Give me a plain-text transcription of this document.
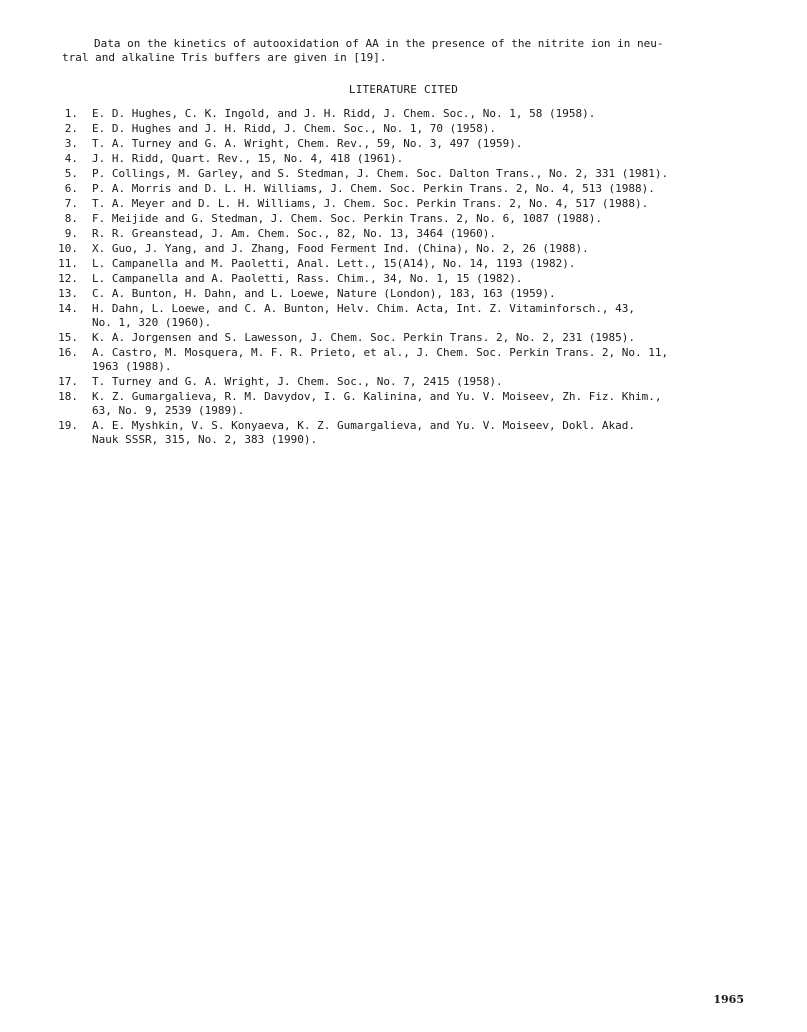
Data on the kinetics of autooxidation of AA in the presence of the nitrite ion in neu-
tral and alkaline Tris buffers are given in [19].

LITERATURE CITED
1. E. D. Hughes, C. K. Ingold, and J. H. Ridd, J. Chem. Soc., No. 1, 58 (1958).
2. E. D. Hughes and J. H. Ridd, J. Chem. Soc., No. 1, 70 (1958).
3. T. A. Turney and G. A. Wright, Chem. Rev., 59, No. 3, 497 (1959).
4. J. H. Ridd, Quart. Rev., 15, No. 4, 418 (1961).
5. P. Collings, M. Garley, and S. Stedman, J. Chem. Soc. Dalton Trans., No. 2, 331 (1981).
6. P. A. Morris and D. L. H. Williams, J. Chem. Soc. Perkin Trans. 2, No. 4, 513 (1988).
7. T. A. Meyer and D. L. H. Williams, J. Chem. Soc. Perkin Trans. 2, No. 4, 517 (1988).
8. F. Meijide and G. Stedman, J. Chem. Soc. Perkin Trans. 2, No. 6, 1087 (1988).
9. R. R. Greanstead, J. Am. Chem. Soc., 82, No. 13, 3464 (1960).
10. X. Guo, J. Yang, and J. Zhang, Food Ferment Ind. (China), No. 2, 26 (1988).
11. L. Campanella and M. Paoletti, Anal. Lett., 15(A14), No. 14, 1193 (1982).
12. L. Campanella and A. Paoletti, Rass. Chim., 34, No. 1, 15 (1982).
13. C. A. Bunton, H. Dahn, and L. Loewe, Nature (London), 183, 163 (1959).
14. H. Dahn, L. Loewe, and C. A. Bunton, Helv. Chim. Acta, Int. Z. Vitaminforsch., 43,
No. 1, 320 (1960).
15. K. A. Jorgensen and S. Lawesson, J. Chem. Soc. Perkin Trans. 2, No. 2, 231 (1985).
16. A. Castro, M. Mosquera, M. F. R. Prieto, et al., J. Chem. Soc. Perkin Trans. 2, No. 11,
1963 (1988).
17. T. Turney and G. A. Wright, J. Chem. Soc., No. 7, 2415 (1958).
18. K. Z. Gumargalieva, R. M. Davydov, I. G. Kalinina, and Yu. V. Moiseev, Zh. Fiz. Khim.,
63, No. 9, 2539 (1989).
19. A. E. Myshkin, V. S. Konyaeva, K. Z. Gumargalieva, and Yu. V. Moiseev, Dokl. Akad.
Nauk SSSR, 315, No. 2, 383 (1990).
1965
